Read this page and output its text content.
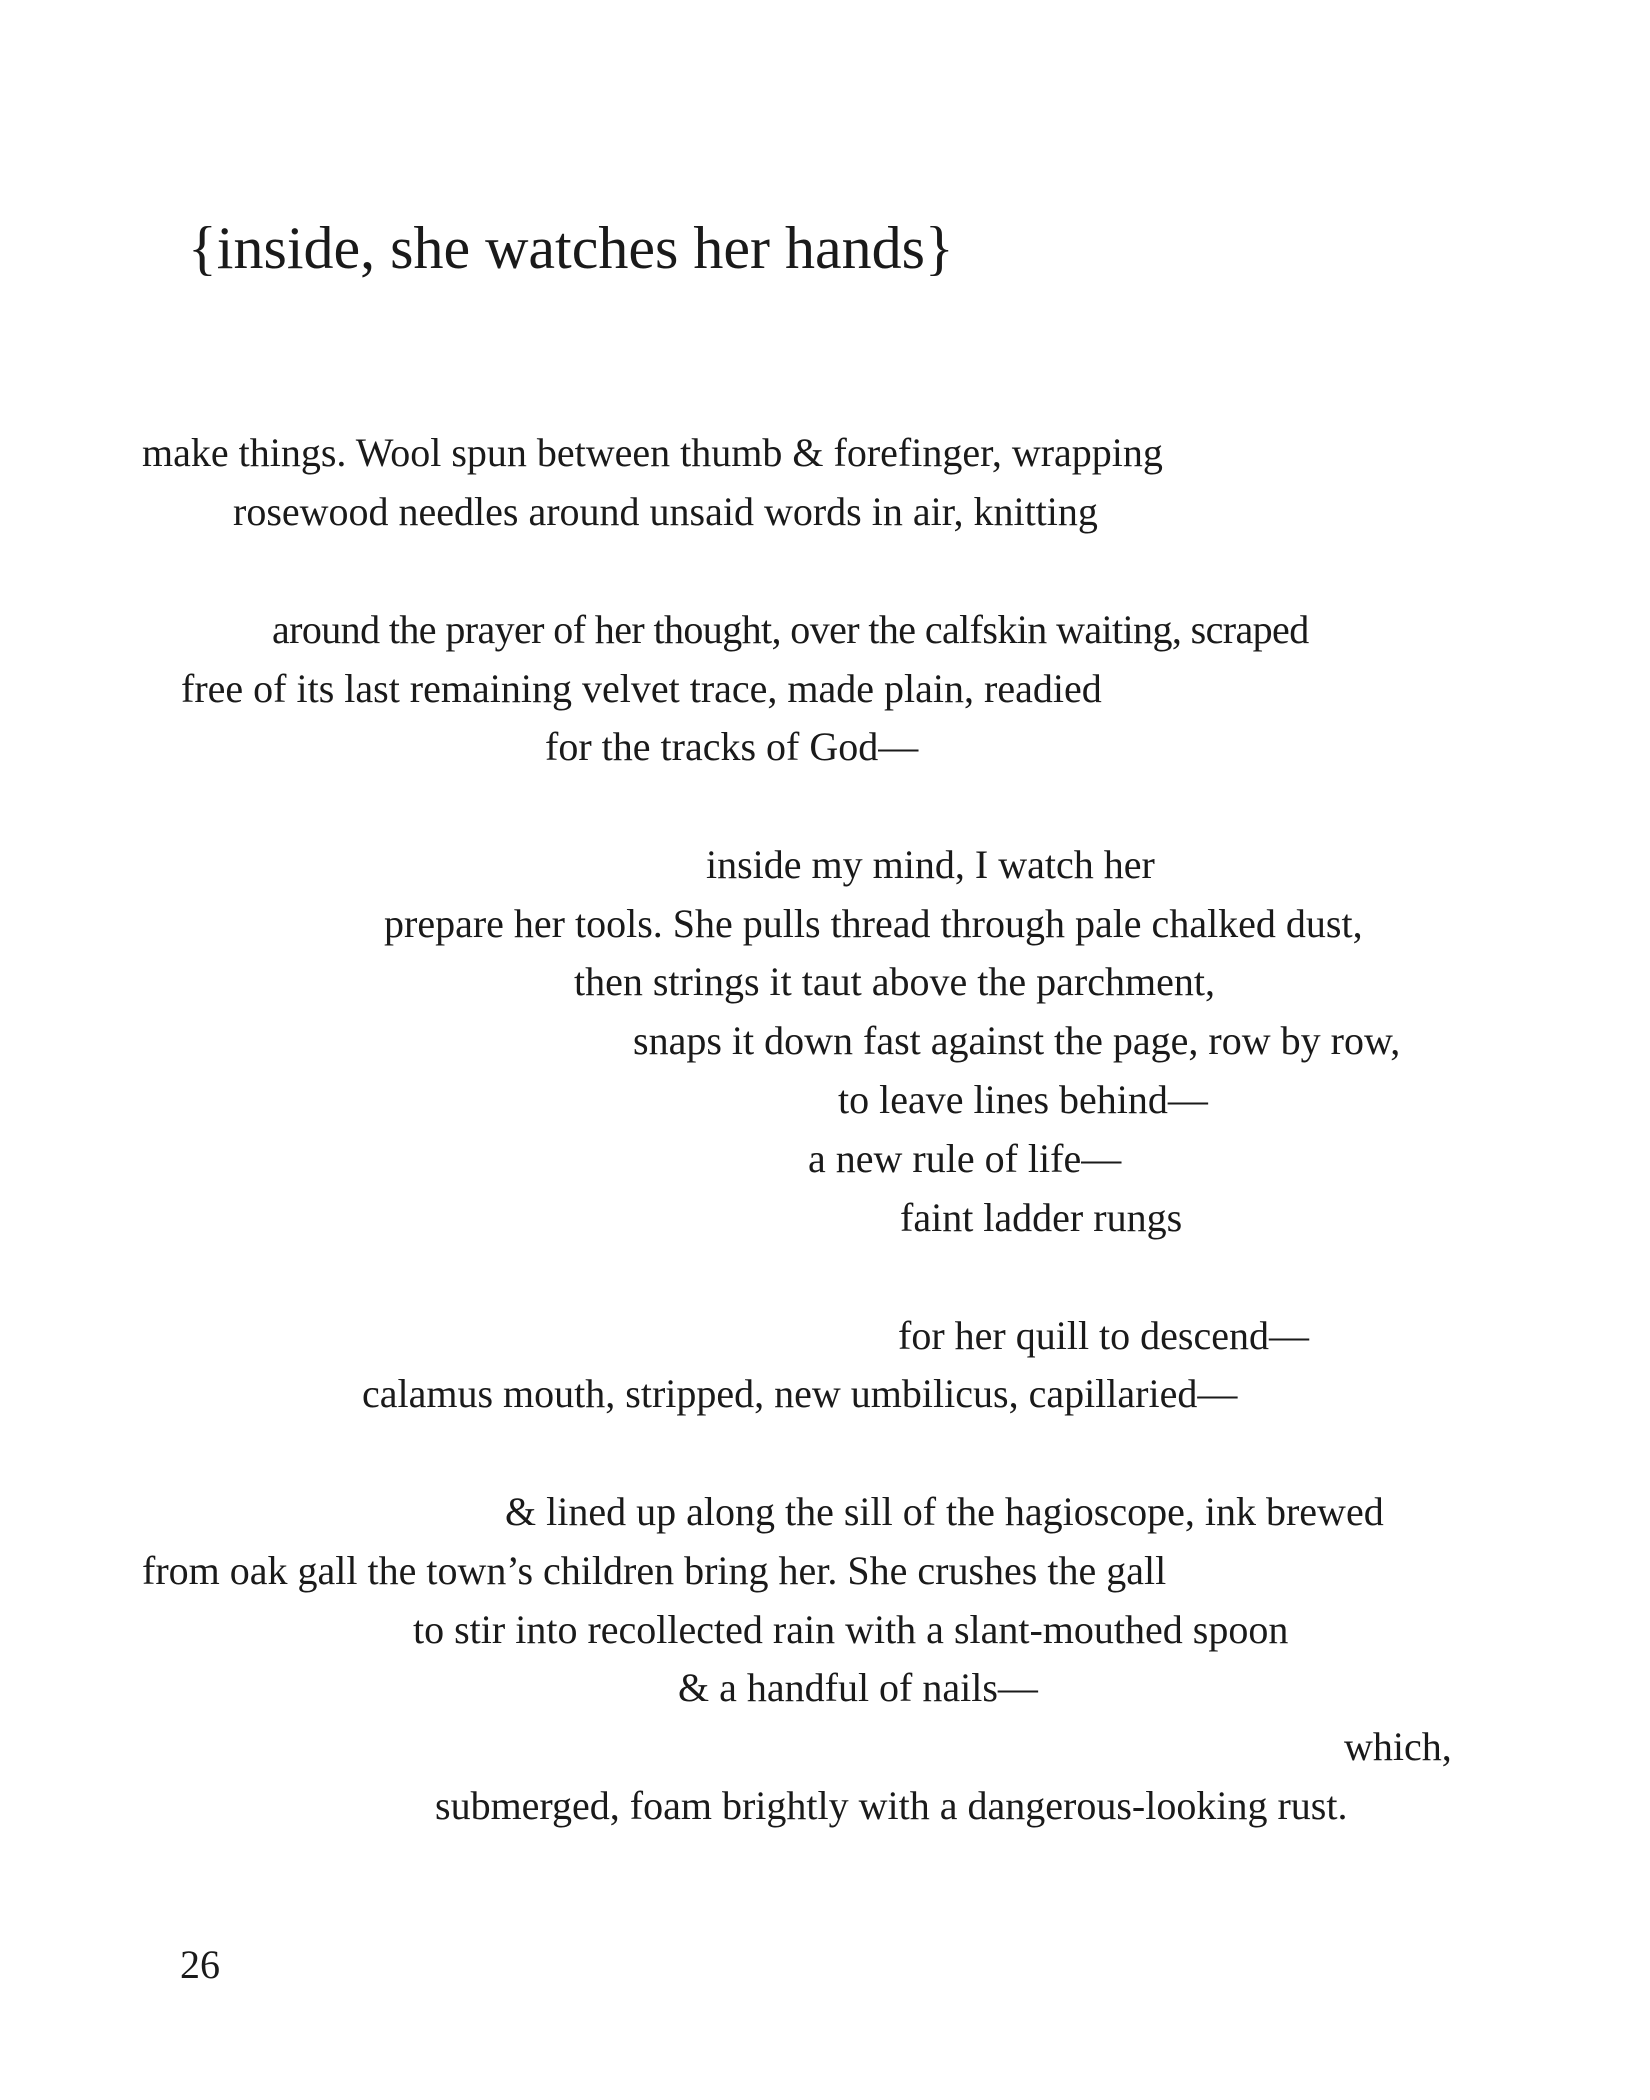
{inside, she watches her hands}
make things. Wool spun between thumb & forefinger, wrapping
rosewood needles around unsaid words in air, knitting
around the prayer of her thought, over the calfskin waiting, scraped
free of its last remaining velvet trace, made plain, readied
for the tracks of God—
inside my mind, I watch her
prepare her tools. She pulls thread through pale chalked dust,
then strings it taut above the parchment,
snaps it down fast against the page, row by row,
to leave lines behind—
a new rule of life—
faint ladder rungs
for her quill to descend—
calamus mouth, stripped, new umbilicus, capillaried—
& lined up along the sill of the hagioscope, ink brewed
from oak gall the town’s children bring her. She crushes the gall
to stir into recollected rain with a slant-mouthed spoon
& a handful of nails—
which,
submerged, foam brightly with a dangerous-looking rust.
26
